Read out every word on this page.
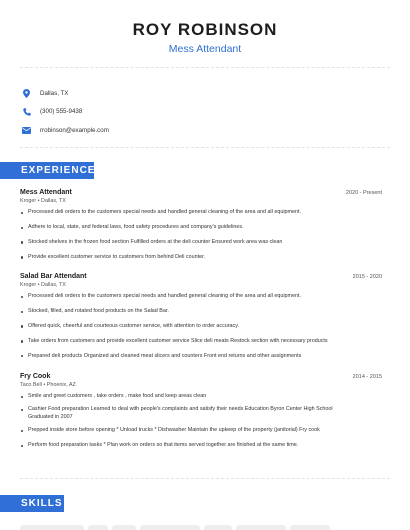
ROY ROBINSON
Mess Attendant
Dallas, TX
(300) 555-9438
rrobinson@example.com
EXPERIENCE
Mess Attendant	2020 - Present
Kroger • Dallas, TX
Processed deli orders to the customers special needs and handled general cleaning of the area and all equipment.
Adhere to local, state, and federal laws, food safety procedures and company's guidelines.
Stocked shelves in the frozen food section Fulfilled orders at the deli counter Ensured work area was clean
Provide excellent customer service to customers from behind Deli counter.
Salad Bar Attendant	2015 - 2020
Kroger • Dallas, TX
Processed deli orders to the customers special needs and handled general cleaning of the area and all equipment.
Stocked, filled, and rotated food products on the Salad Bar.
Offered quick, cheerful and courteous customer service, with attention to order accuracy.
Take orders from customers and provide excellent customer service Slice deli meats Restock section with necessary products
Prepared deli products Organized and cleaned meat slicers and counters Front end returns and other assignments
Fry Cook	2014 - 2015
Taco Bell • Phoenix, AZ
Smile and greet customers , take orders , make food and keep areas clean
Cashier Food preparation Learned to deal with people's complaints and satisfy their needs Education Byron Center High School Graduated in 2007
Prepped inside store before opening * Unload trucks * Dishwasher Maintain the upkeep of the property (janitorial) Fry cook
Perform food preparation tasks * Plan work on orders so that items served together are finished at the same time.
SKILLS
